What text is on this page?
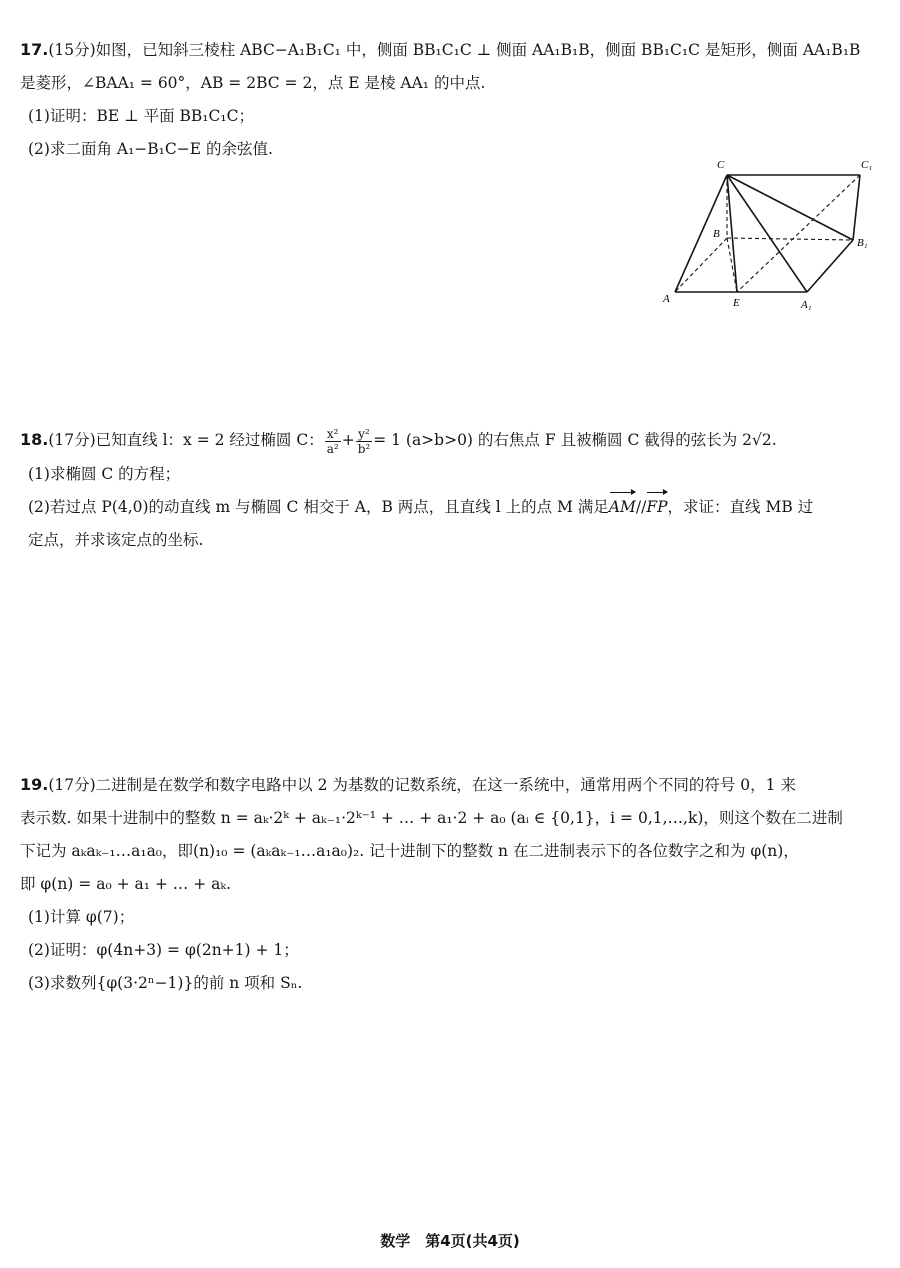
17.(15分)如图，已知斜三棱柱 ABC−A₁B₁C₁ 中，侧面 BB₁C₁C ⊥ 侧面 AA₁B₁B，侧面 BB₁C₁C 是矩形，侧面 AA₁B₁B

是菱形，∠BAA₁ = 60°，AB = 2BC = 2，点 E 是棱 AA₁ 的中点.

(1)证明：BE ⊥ 平面 BB₁C₁C；

(2)求二面角 A₁−B₁C−E 的余弦值.

C	C₁
B
B₁
A	E	A₁

18.(17分)已知直线 l：x = 2 经过椭圆 C： $\frac{\text{x²}}{\text{a²}} + \frac{\text{y²}}{\text{b²}} = 1$ (a>b>0) 的右焦点 F 且被椭圆 C 截得的弦长为 2√2.

(1)求椭圆 C 的方程；

(2)若过点 P(4,0)的动直线 m 与椭圆 C 相交于 A，B 两点，且直线 l 上的点 M 满足AM//FP，求证：直线 MB 过

定点，并求该定点的坐标.

19.(17分)二进制是在数学和数字电路中以 2 为基数的记数系统，在这一系统中，通常用两个不同的符号 0，1 来

表示数. 如果十进制中的整数 n = aₖ·2ᵏ + aₖ₋₁·2ᵏ⁻¹ + … + a₁·2 + a₀ (aᵢ ∈ {0,1}，i = 0,1,…,k)，则这个数在二进制

下记为 aₖaₖ₋₁…a₁a₀，即(n)₁₀ = (aₖaₖ₋₁…a₁a₀)₂. 记十进制下的整数 n 在二进制表示下的各位数字之和为 φ(n)，

即 φ(n) = a₀ + a₁ + … + aₖ.

(1)计算 φ(7)；

(2)证明：φ(4n+3) = φ(2n+1) + 1；

(3)求数列{φ(3·2ⁿ−1)}的前 n 项和 Sₙ.

数学　第4页(共4页)
